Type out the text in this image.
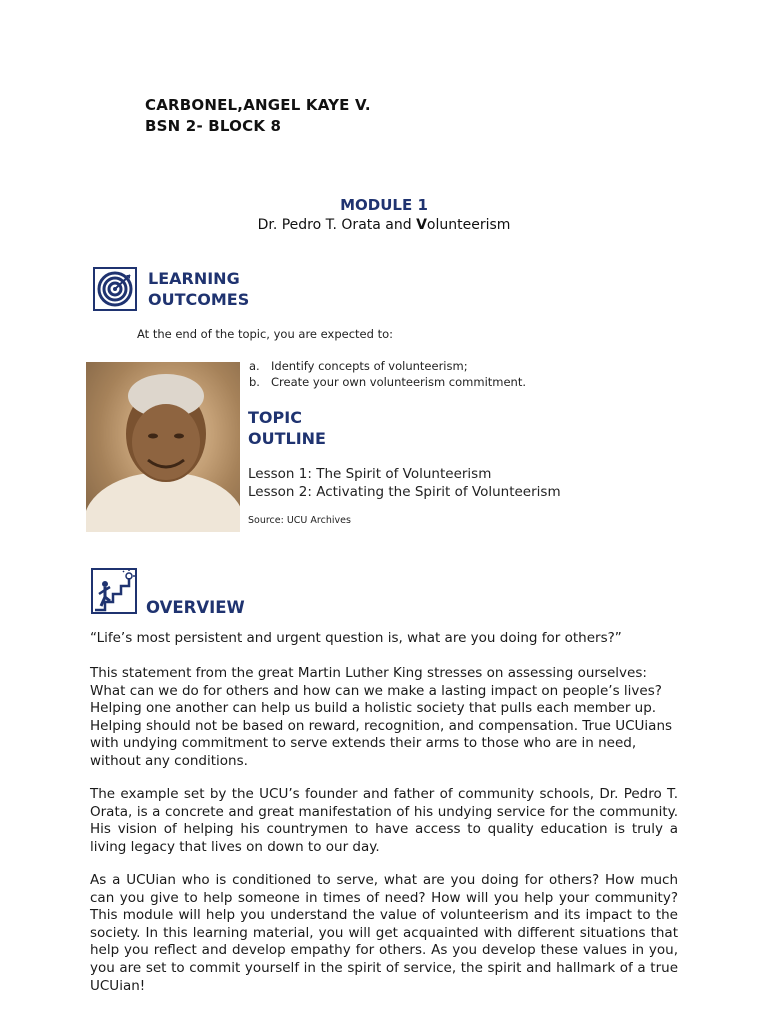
CARBONEL,ANGEL KAYE V.
BSN 2- BLOCK 8
MODULE 1
Dr. Pedro T. Orata and Volunteerism
LEARNING
OUTCOMES
At the end of the topic, you are expected to:
a. Identify concepts of volunteerism;
b. Create your own volunteerism commitment.
TOPIC
OUTLINE
Lesson 1: The Spirit of Volunteerism
Lesson 2: Activating the Spirit of Volunteerism
Source: UCU Archives
OVERVIEW
“Life’s most persistent and urgent question is, what are you doing for others?”
This statement from the great Martin Luther King stresses on assessing ourselves: What can we do for others and how can we make a lasting impact on people’s lives? Helping one another can help us build a holistic society that pulls each member up. Helping should not be based on reward, recognition, and compensation. True UCUians with undying commitment to serve extends their arms to those who are in need, without any conditions.
The example set by the UCU’s founder and father of community schools, Dr. Pedro T. Orata, is a concrete and great manifestation of his undying service for the community. His vision of helping his countrymen to have access to quality education is truly a living legacy that lives on down to our day.
As a UCUian who is conditioned to serve, what are you doing for others? How much can you give to help someone in times of need? How will you help your community? This module will help you understand the value of volunteerism and its impact to the society. In this learning material, you will get acquainted with different situations that help you reflect and develop empathy for others. As you develop these values in you, you are set to commit yourself in the spirit of service, the spirit and hallmark of a true UCUian!
